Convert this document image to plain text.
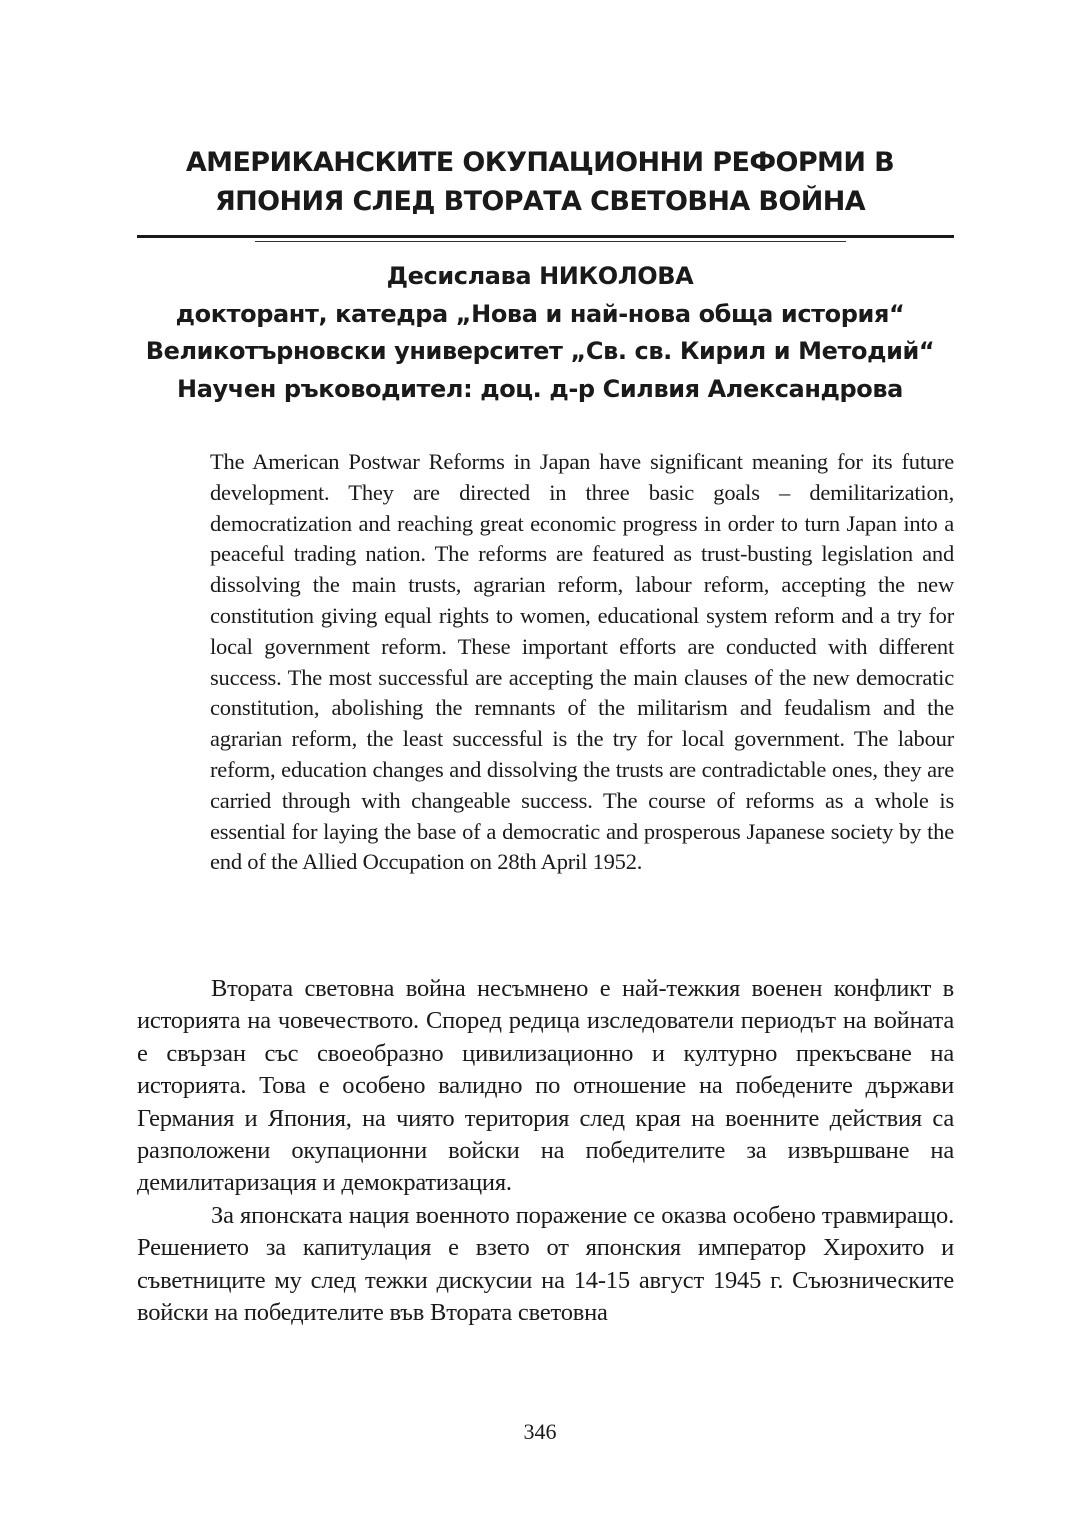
АМЕРИКАНСКИТЕ ОКУПАЦИОННИ РЕФОРМИ В
ЯПОНИЯ СЛЕД ВТОРАТА СВЕТОВНА ВОЙНА
Десислава НИКОЛОВА
докторант, катедра „Нова и най-нова обща история“
Великотърновски университет „Св. св. Кирил и Методий“
Научен ръководител: доц. д-р Силвия Александрова

The American Postwar Reforms in Japan have significant meaning for its future development. They are directed in three basic goals – demilitarization, democratization and reaching great economic progress in order to turn Japan into a peaceful trading nation. The reforms are featured as trust-busting legislation and dissolving the main trusts, agrarian reform, labour reform, accepting the new constitution giving equal rights to women, educational system reform and a try for local government reform. These important efforts are conducted with different success. The most successful are accepting the main clauses of the new democratic constitution, abolishing the remnants of the militarism and feudalism and the agrarian reform, the least successful is the try for local government. The labour reform, education changes and dissolving the trusts are contradictable ones, they are carried through with changeable success. The course of reforms as a whole is essential for laying the base of a democratic and prosperous Japanese society by the end of the Allied Occupation on 28th April 1952.

Втората световна война несъмнено е най-тежкия военен конфликт в историята на човечеството. Според редица изследователи периодът на войната е свързан със своеобразно цивилизационно и културно прекъсване на историята. Това е особено валидно по отношение на победените държави Германия и Япония, на чиято територия след края на военните действия са разположени окупационни войски на победителите за извършване на демилитаризация и демократизация.

За японската нация военното поражение се оказва особено травмиращо. Решението за капитулация е взето от японския император Хирохито и съветниците му след тежки дискусии на 14-15 август 1945 г. Съюзническите войски на победителите във Втората световна

346
